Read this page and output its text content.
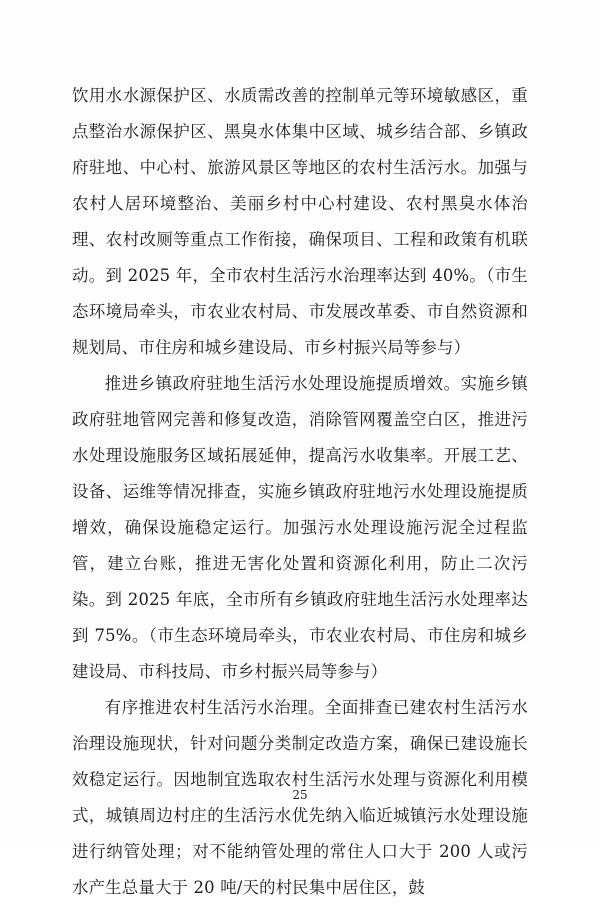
饮用水水源保护区、水质需改善的控制单元等环境敏感区，重点整治水源保护区、黑臭水体集中区域、城乡结合部、乡镇政府驻地、中心村、旅游风景区等地区的农村生活污水。加强与农村人居环境整治、美丽乡村中心村建设、农村黑臭水体治理、农村改厕等重点工作衔接，确保项目、工程和政策有机联动。到 2025 年，全市农村生活污水治理率达到 40%。（市生态环境局牵头，市农业农村局、市发展改革委、市自然资源和规划局、市住房和城乡建设局、市乡村振兴局等参与）

推进乡镇政府驻地生活污水处理设施提质增效。实施乡镇政府驻地管网完善和修复改造，消除管网覆盖空白区，推进污水处理设施服务区域拓展延伸，提高污水收集率。开展工艺、设备、运维等情况排查，实施乡镇政府驻地污水处理设施提质增效，确保设施稳定运行。加强污水处理设施污泥全过程监管，建立台账，推进无害化处置和资源化利用，防止二次污染。到 2025 年底，全市所有乡镇政府驻地生活污水处理率达到 75%。（市生态环境局牵头，市农业农村局、市住房和城乡建设局、市科技局、市乡村振兴局等参与）

有序推进农村生活污水治理。全面排查已建农村生活污水治理设施现状，针对问题分类制定改造方案，确保已建设施长效稳定运行。因地制宜选取农村生活污水处理与资源化利用模式，城镇周边村庄的生活污水优先纳入临近城镇污水处理设施进行纳管处理；对不能纳管处理的常住人口大于 200 人或污水产生总量大于 20 吨/天的村民集中居住区，鼓

25
